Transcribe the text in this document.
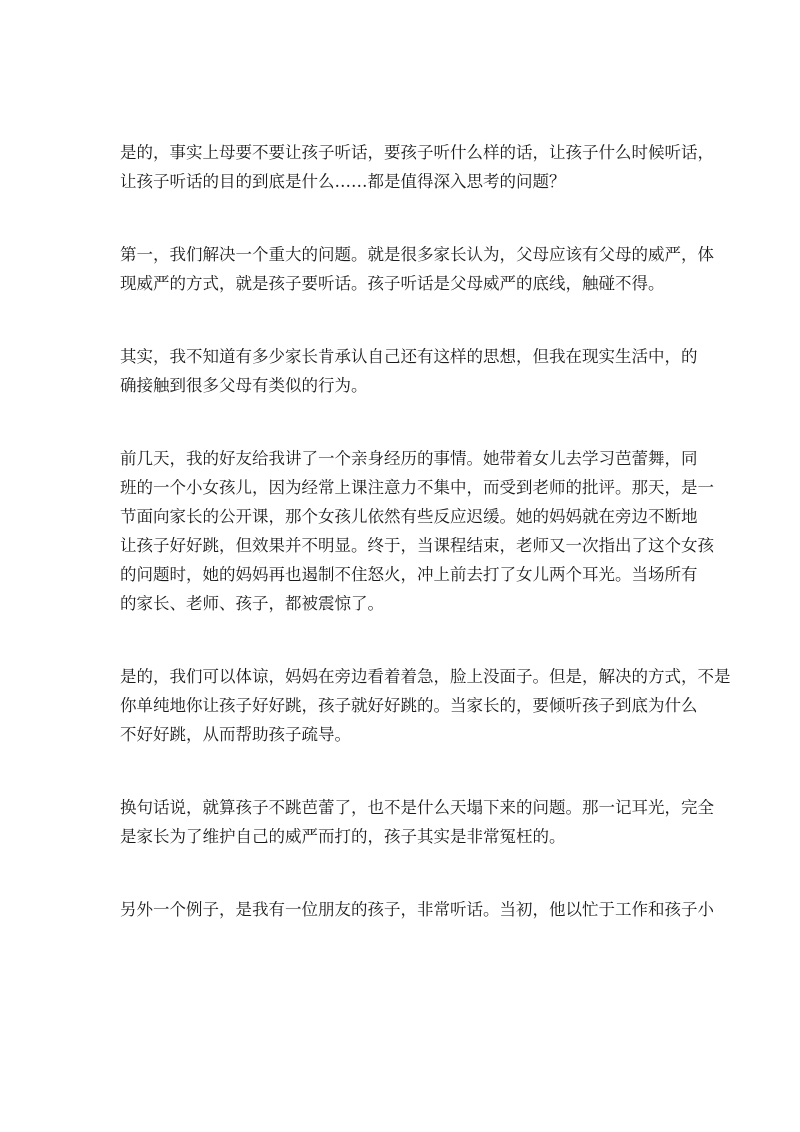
是的，事实上母要不要让孩子听话，要孩子听什么样的话，让孩子什么时候听话，
让孩子听话的目的到底是什么……都是值得深入思考的问题？

第一，我们解决一个重大的问题。就是很多家长认为，父母应该有父母的威严，体
现威严的方式，就是孩子要听话。孩子听话是父母威严的底线，触碰不得。

其实，我不知道有多少家长肯承认自己还有这样的思想，但我在现实生活中，的
确接触到很多父母有类似的行为。

前几天，我的好友给我讲了一个亲身经历的事情。她带着女儿去学习芭蕾舞，同
班的一个小女孩儿，因为经常上课注意力不集中，而受到老师的批评。那天，是一
节面向家长的公开课，那个女孩儿依然有些反应迟缓。她的妈妈就在旁边不断地
让孩子好好跳，但效果并不明显。终于，当课程结束，老师又一次指出了这个女孩
的问题时，她的妈妈再也遏制不住怒火，冲上前去打了女儿两个耳光。当场所有
的家长、老师、孩子，都被震惊了。

是的，我们可以体谅，妈妈在旁边看着着急，脸上没面子。但是，解决的方式，不是
你单纯地你让孩子好好跳，孩子就好好跳的。当家长的，要倾听孩子到底为什么
不好好跳，从而帮助孩子疏导。

换句话说，就算孩子不跳芭蕾了，也不是什么天塌下来的问题。那一记耳光，完全
是家长为了维护自己的威严而打的，孩子其实是非常冤枉的。

另外一个例子，是我有一位朋友的孩子，非常听话。当初，他以忙于工作和孩子小
